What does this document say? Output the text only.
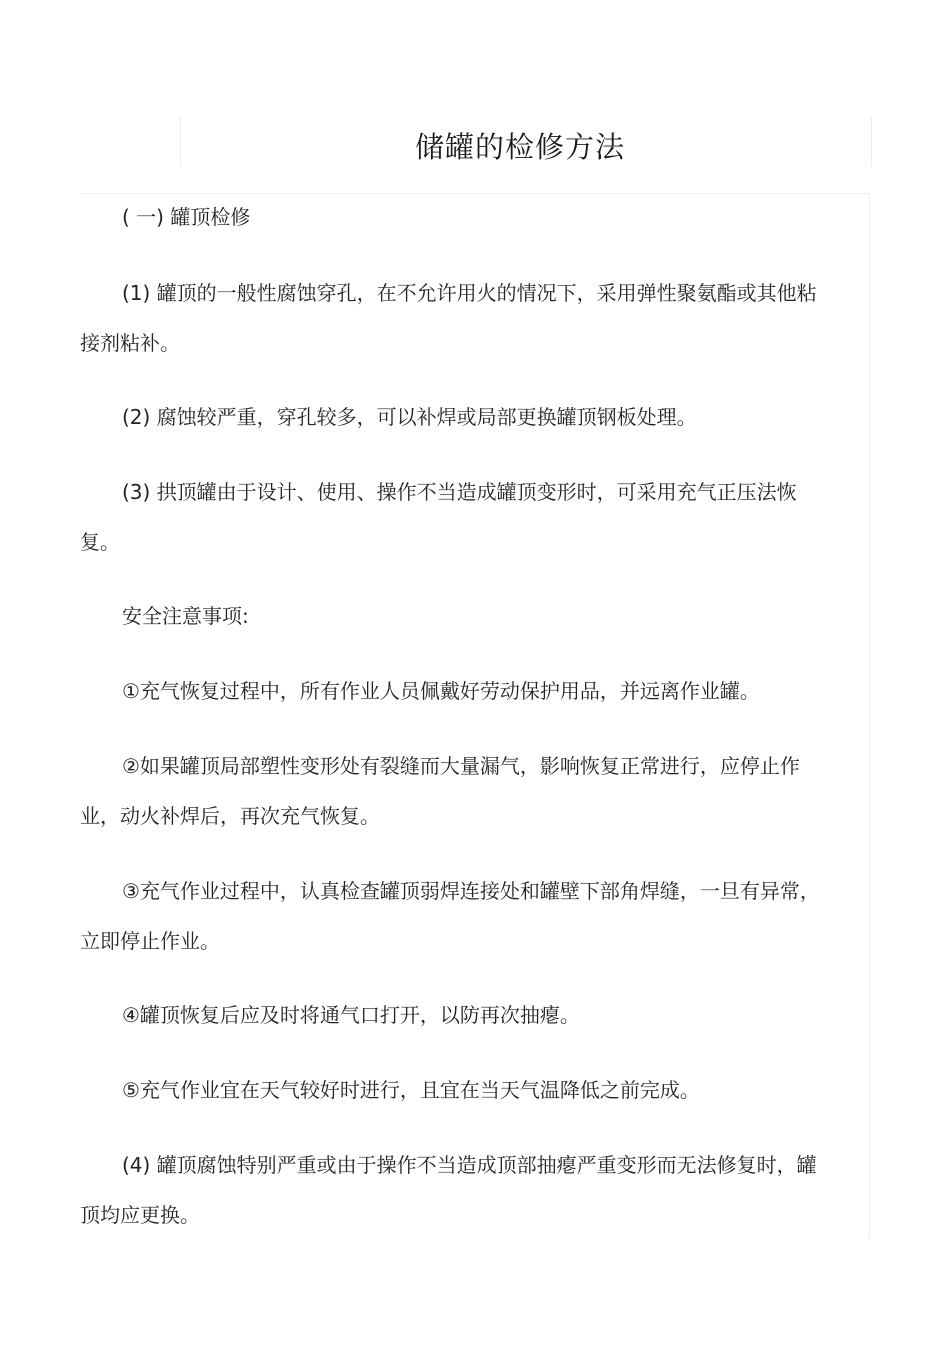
储罐的检修方法

( 一) 罐顶检修

(1) 罐顶的一般性腐蚀穿孔，在不允许用火的情况下，采用弹性聚氨酯或其他粘接剂粘补。

(2) 腐蚀较严重，穿孔较多，可以补焊或局部更换罐顶钢板处理。

(3) 拱顶罐由于设计、使用、操作不当造成罐顶变形时，可采用充气正压法恢复。

安全注意事项:

①充气恢复过程中，所有作业人员佩戴好劳动保护用品，并远离作业罐。

②如果罐顶局部塑性变形处有裂缝而大量漏气，影响恢复正常进行，应停止作业，动火补焊后，再次充气恢复。

③充气作业过程中，认真检查罐顶弱焊连接处和罐壁下部角焊缝，一旦有异常，立即停止作业。

④罐顶恢复后应及时将通气口打开，以防再次抽瘪。

⑤充气作业宜在天气较好时进行，且宜在当天气温降低之前完成。

(4) 罐顶腐蚀特别严重或由于操作不当造成顶部抽瘪严重变形而无法修复时，罐顶均应更换。
